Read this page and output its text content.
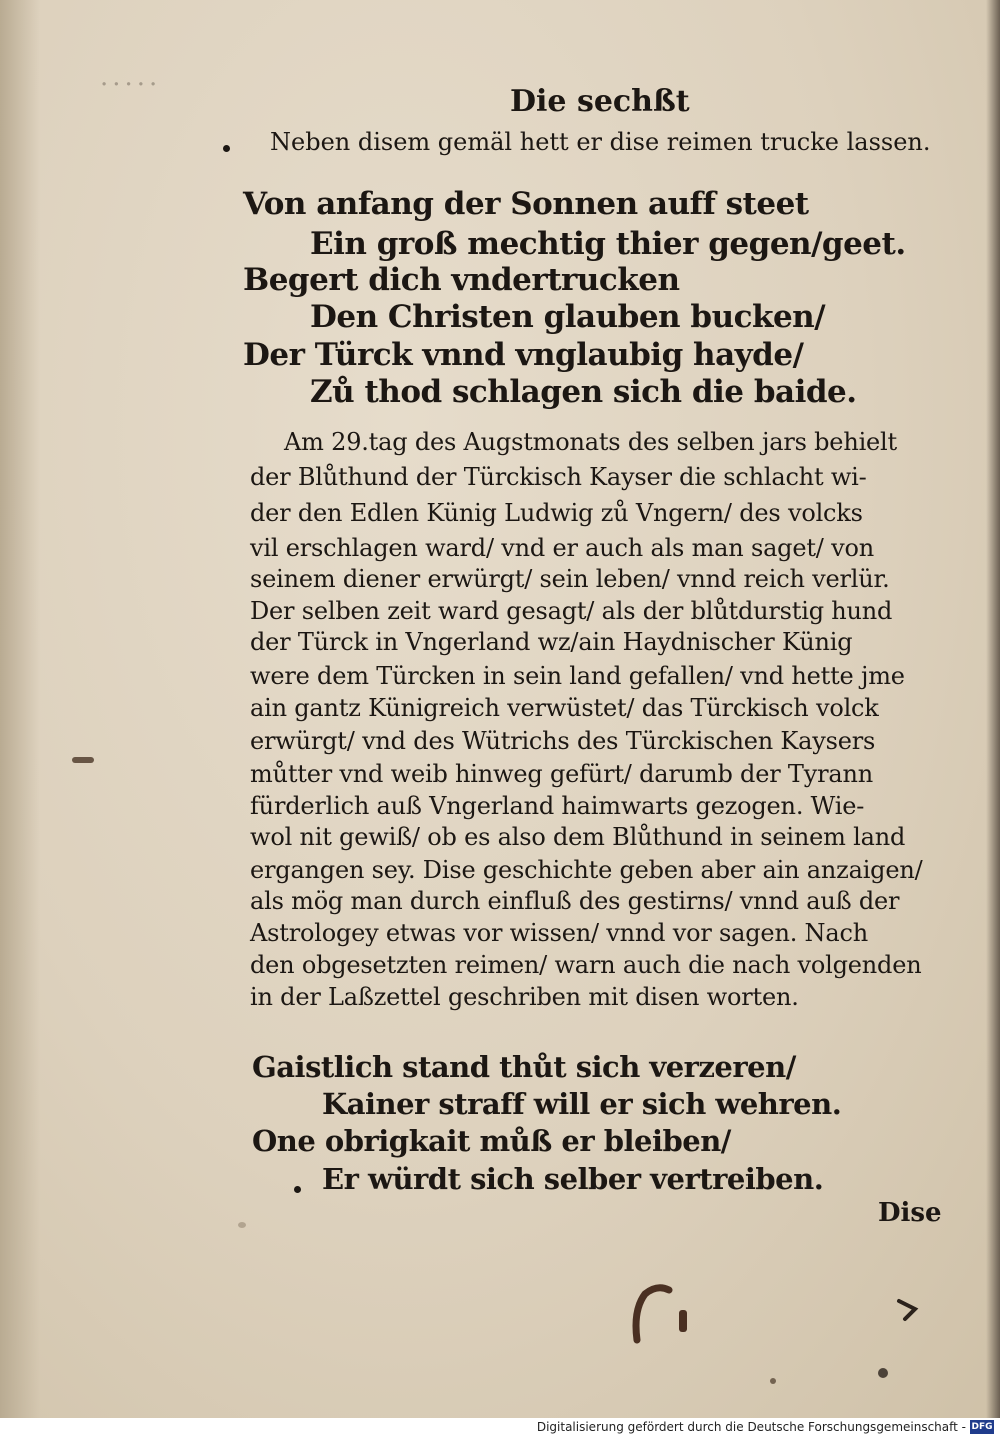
·····	Die sechßt
Neben disem gemäl hett er dise reimen trucke lassen.
Von anfang der Sonnen auff steet
Ein groß mechtig thier gegen/geet.
Begert dich vndertrucken
Den Christen glauben bucken/
Der Türck vnnd vnglaubig hayde/
Zů thod schlagen sich die baide.
Am 29.tag des Augstmonats des selben jars behielt
der Blůthund der Türckisch Kayser die schlacht wi-
der den Edlen Künig Ludwig zů Vngern/ des volcks
vil erschlagen ward/ vnd er auch als man saget/ von
seinem diener erwürgt/ sein leben/ vnnd reich verlür.
Der selben zeit ward gesagt/ als der blůtdurstig hund
der Türck in Vngerland wz/ain Haydnischer Künig
were dem Türcken in sein land gefallen/ vnd hette jme
ain gantz Künigreich verwüstet/ das Türckisch volck
erwürgt/ vnd des Wütrichs des Türckischen Kaysers
můtter vnd weib hinweg gefürt/ darumb der Tyrann
fürderlich auß Vngerland haimwarts gezogen. Wie-
wol nit gewiß/ ob es also dem Blůthund in seinem land
ergangen sey. Dise geschichte geben aber ain anzaigen/
als mög man durch einfluß des gestirns/ vnnd auß der
Astrologey etwas vor wissen/ vnnd vor sagen. Nach
den obgesetzten reimen/ warn auch die nach volgenden
in der Laßzettel geschriben mit disen worten.
Gaistlich stand thůt sich verzeren/
Kainer straff will er sich wehren.
One obrigkait můß er bleiben/
Er würdt sich selber vertreiben.
Dise
Digitalisierung gefördert durch die Deutsche Forschungsgemeinschaft - DFG
